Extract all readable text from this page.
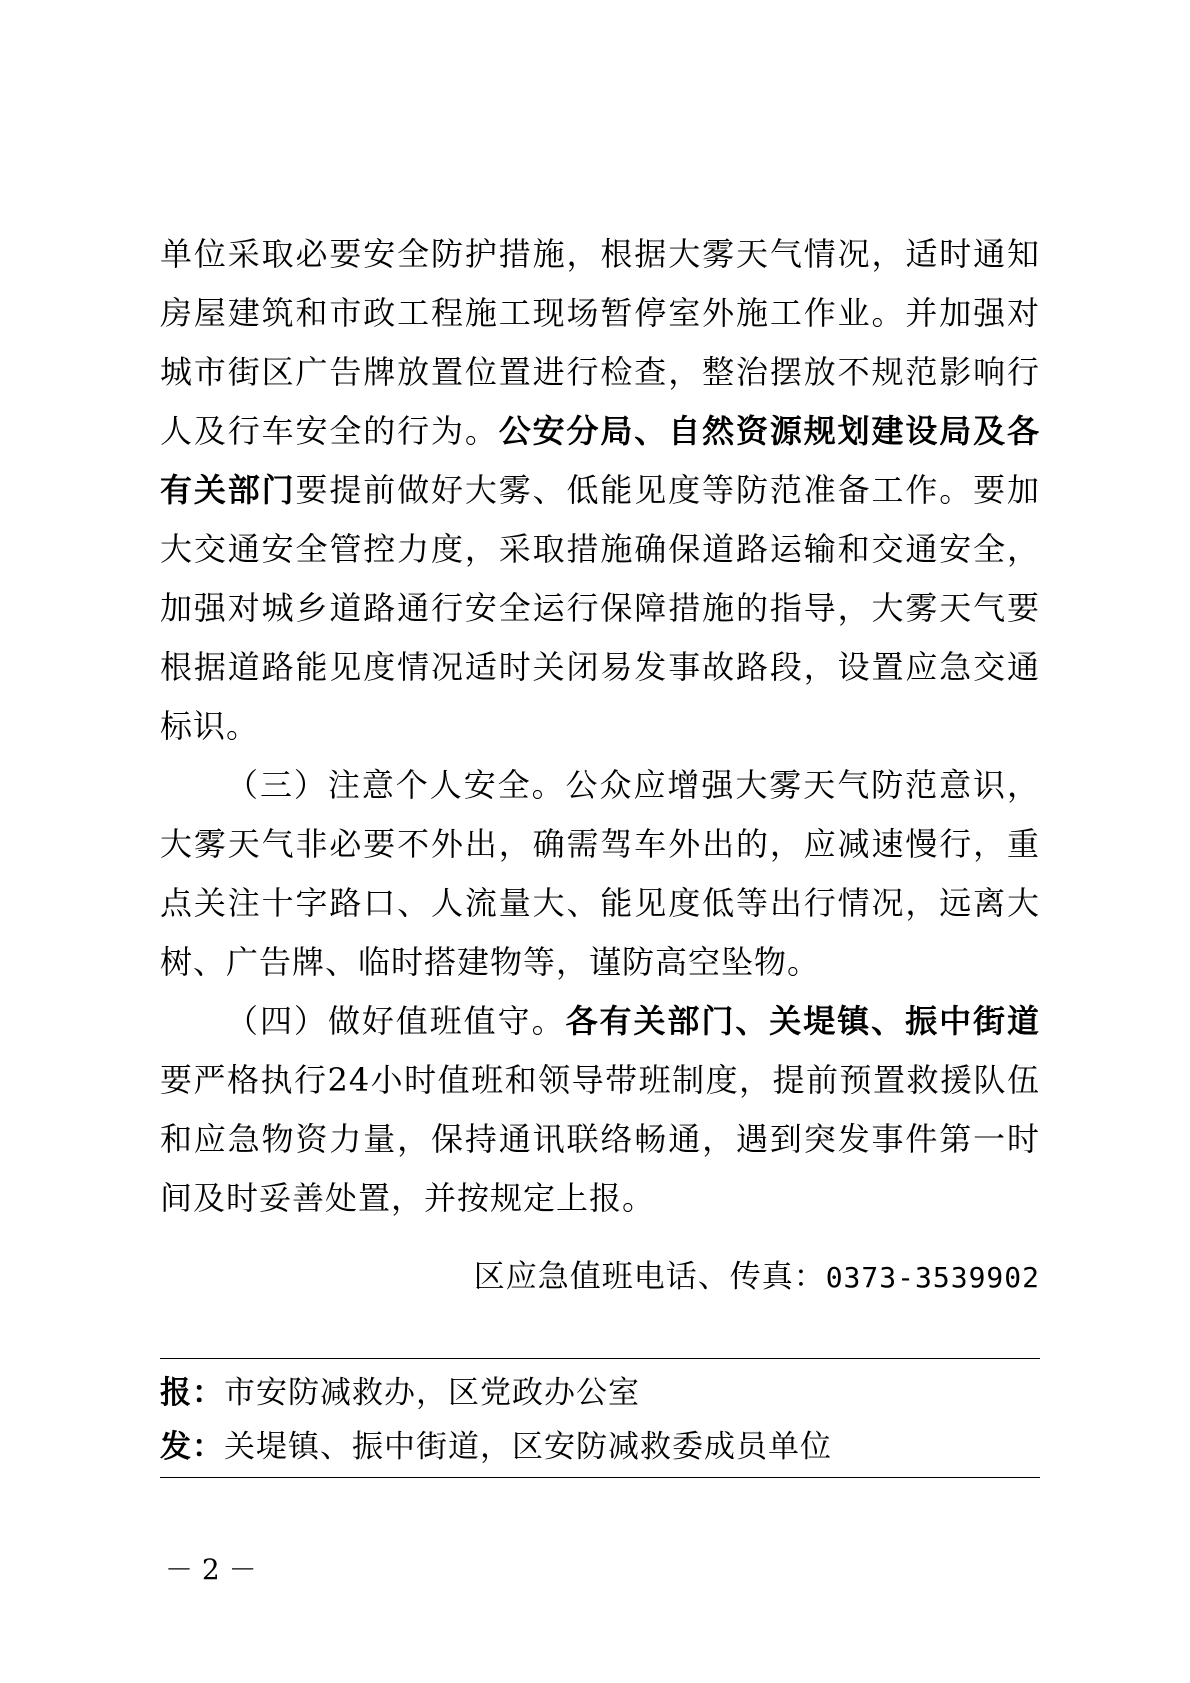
单位采取必要安全防护措施，根据大雾天气情况，适时通知房屋建筑和市政工程施工现场暂停室外施工作业。并加强对城市街区广告牌放置位置进行检查，整治摆放不规范影响行人及行车安全的行为。公安分局、自然资源规划建设局及各有关部门要提前做好大雾、低能见度等防范准备工作。要加大交通安全管控力度，采取措施确保道路运输和交通安全，加强对城乡道路通行安全运行保障措施的指导，大雾天气要根据道路能见度情况适时关闭易发事故路段，设置应急交通标识。

（三）注意个人安全。公众应增强大雾天气防范意识，大雾天气非必要不外出，确需驾车外出的，应减速慢行，重点关注十字路口、人流量大、能见度低等出行情况，远离大树、广告牌、临时搭建物等，谨防高空坠物。

（四）做好值班值守。各有关部门、关堤镇、振中街道要严格执行24小时值班和领导带班制度，提前预置救援队伍和应急物资力量，保持通讯联络畅通，遇到突发事件第一时间及时妥善处置，并按规定上报。

区应急值班电话、传真：0373-3539902
报：市安防减救办，区党政办公室
发：关堤镇、振中街道，区安防减救委成员单位
－ 2 －
